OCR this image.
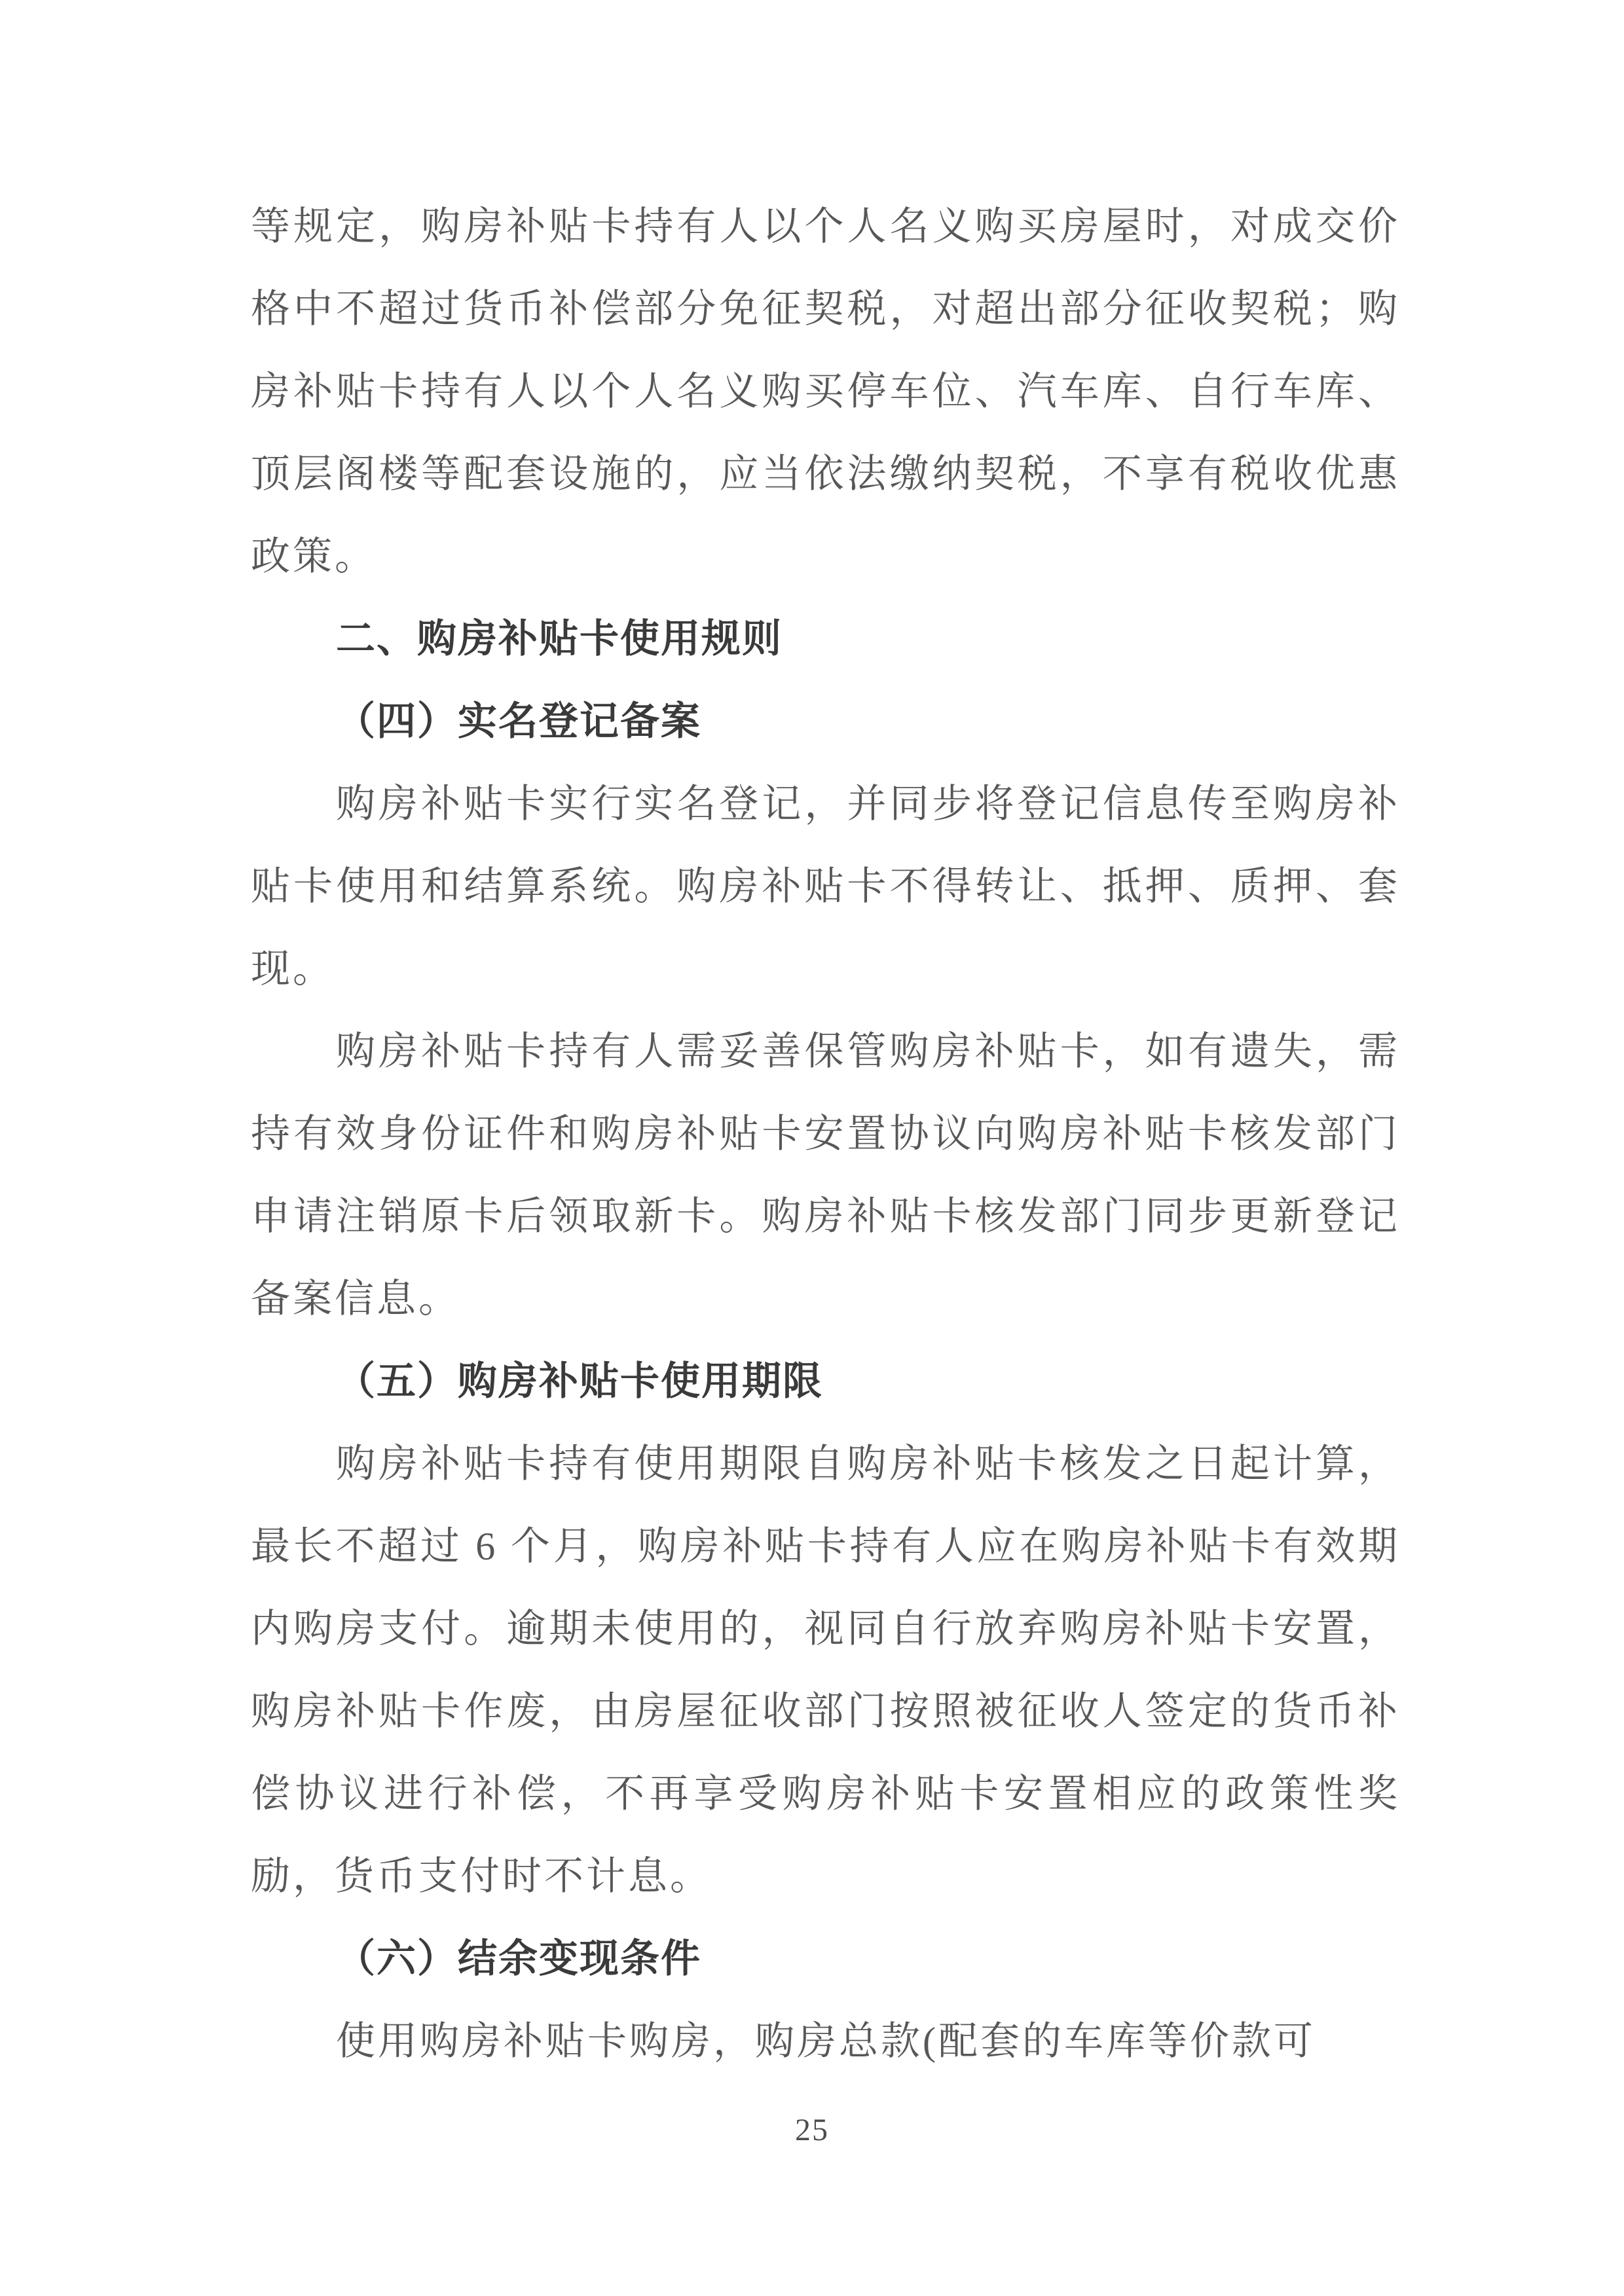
等规定，购房补贴卡持有人以个人名义购买房屋时，对成交价格中不超过货币补偿部分免征契税，对超出部分征收契税；购房补贴卡持有人以个人名义购买停车位、汽车库、自行车库、顶层阁楼等配套设施的，应当依法缴纳契税，不享有税收优惠政策。

二、购房补贴卡使用规则
（四）实名登记备案

购房补贴卡实行实名登记，并同步将登记信息传至购房补贴卡使用和结算系统。购房补贴卡不得转让、抵押、质押、套现。

购房补贴卡持有人需妥善保管购房补贴卡，如有遗失，需持有效身份证件和购房补贴卡安置协议向购房补贴卡核发部门申请注销原卡后领取新卡。购房补贴卡核发部门同步更新登记备案信息。

（五）购房补贴卡使用期限

购房补贴卡持有使用期限自购房补贴卡核发之日起计算，最长不超过 6 个月，购房补贴卡持有人应在购房补贴卡有效期内购房支付。逾期未使用的，视同自行放弃购房补贴卡安置，购房补贴卡作废，由房屋征收部门按照被征收人签定的货币补偿协议进行补偿，不再享受购房补贴卡安置相应的政策性奖励，货币支付时不计息。

（六）结余变现条件

使用购房补贴卡购房，购房总款(配套的车库等价款可

25
